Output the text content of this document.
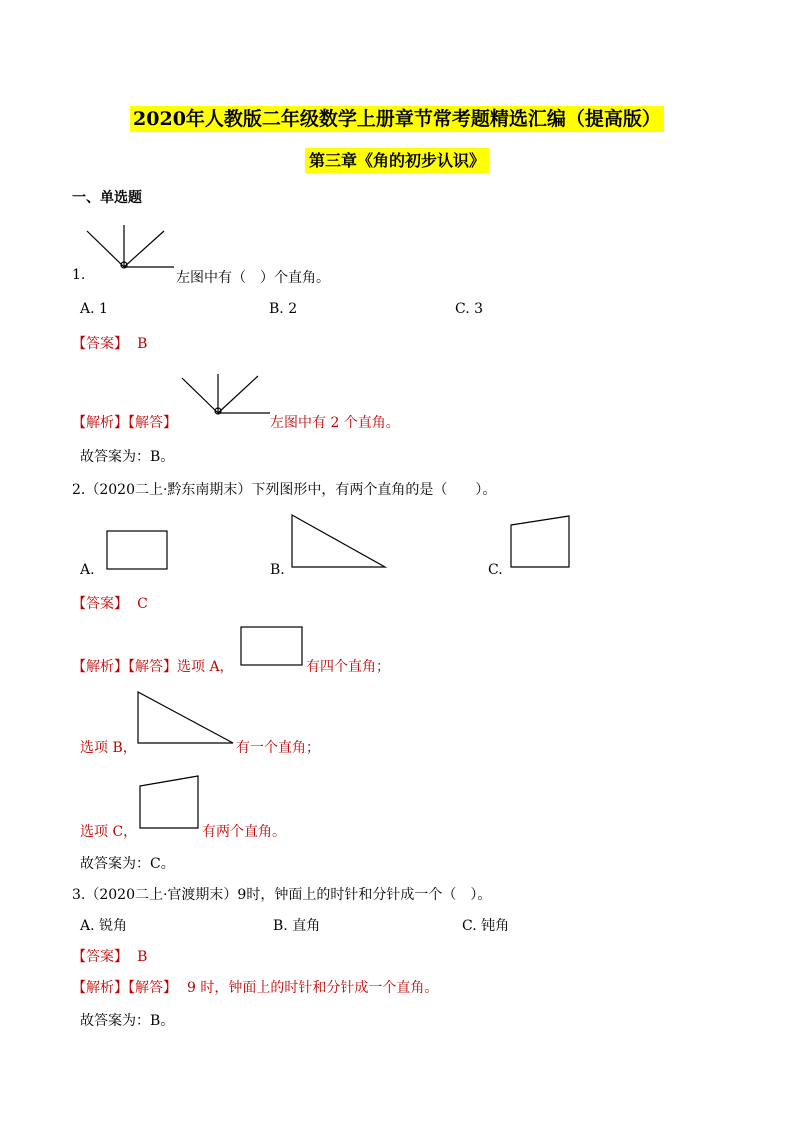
2020年人教版二年级数学上册章节常考题精选汇编（提高版）
第三章《角的初步认识》
一、单选题
1.	左图中有（　）个直角。
A. 1	B. 2	C. 3
【答案】 B
【解析】【解答】	左图中有 2 个直角。
故答案为：B。
2.（2020二上·黔东南期末）下列图形中，有两个直角的是（　　）。
A.	B.	C.
【答案】 C
【解析】【解答】选项 A，	有四个直角；
选项 B，	有一个直角；
选项 C，	有两个直角。
故答案为：C。
3.（2020二上·官渡期末）9时，钟面上的时针和分针成一个（　）。
A. 锐角	B. 直角	C. 钝角
【答案】 B
【解析】【解答】 9 时，钟面上的时针和分针成一个直角。
故答案为：B。
